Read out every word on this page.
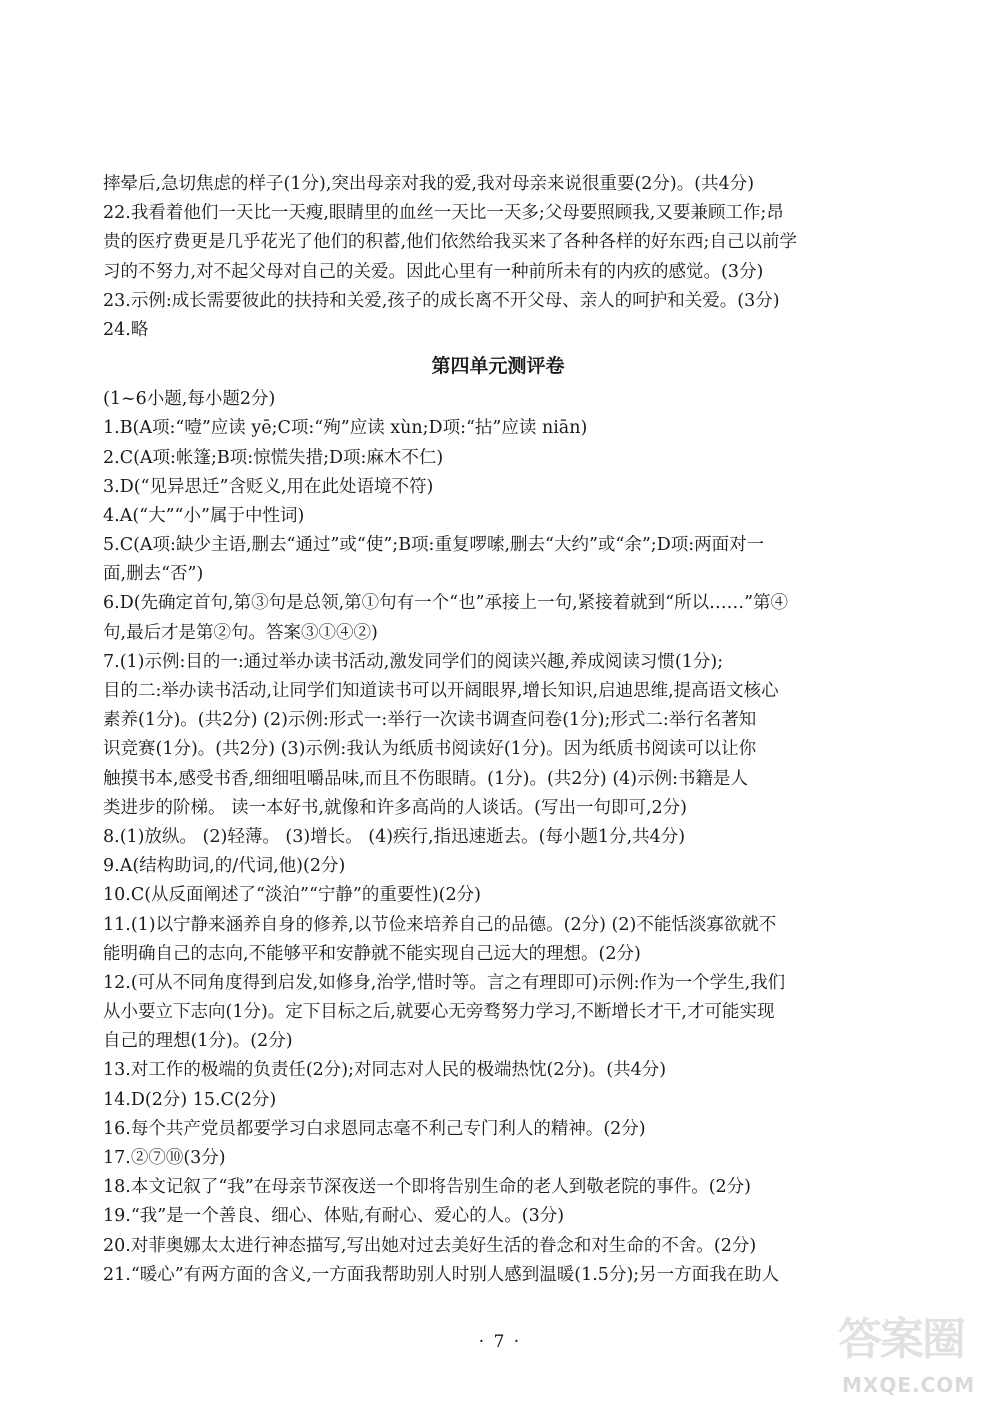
摔晕后,急切焦虑的样子(1分),突出母亲对我的爱,我对母亲来说很重要(2分)。(共4分)
22.我看着他们一天比一天瘦,眼睛里的血丝一天比一天多;父母要照顾我,又要兼顾工作;昂
贵的医疗费更是几乎花光了他们的积蓄,他们依然给我买来了各种各样的好东西;自己以前学
习的不努力,对不起父母对自己的关爱。因此心里有一种前所未有的内疚的感觉。(3分)
23.示例:成长需要彼此的扶持和关爱,孩子的成长离不开父母、亲人的呵护和关爱。(3分)
24.略
第四单元测评卷
(1~6小题,每小题2分)
1.B(A项:“噎”应读 yē;C项:“殉”应读 xùn;D项:“拈”应读 niān)
2.C(A项:帐篷;B项:惊慌失措;D项:麻木不仁)
3.D(“见异思迁”含贬义,用在此处语境不符)
4.A(“大”“小”属于中性词)
5.C(A项:缺少主语,删去“通过”或“使”;B项:重复啰嗦,删去“大约”或“余”;D项:两面对一
面,删去“否”)
6.D(先确定首句,第③句是总领,第①句有一个“也”承接上一句,紧接着就到“所以……”第④
句,最后才是第②句。答案③①④②)
7.(1)示例:目的一:通过举办读书活动,激发同学们的阅读兴趣,养成阅读习惯(1分);
目的二:举办读书活动,让同学们知道读书可以开阔眼界,增长知识,启迪思维,提高语文核心
素养(1分)。(共2分) (2)示例:形式一:举行一次读书调查问卷(1分);形式二:举行名著知
识竞赛(1分)。(共2分) (3)示例:我认为纸质书阅读好(1分)。因为纸质书阅读可以让你
触摸书本,感受书香,细细咀嚼品味,而且不伤眼睛。(1分)。(共2分) (4)示例:书籍是人
类进步的阶梯。 读一本好书,就像和许多高尚的人谈话。(写出一句即可,2分)
8.(1)放纵。 (2)轻薄。 (3)增长。 (4)疾行,指迅速逝去。(每小题1分,共4分)
9.A(结构助词,的/代词,他)(2分)
10.C(从反面阐述了“淡泊”“宁静”的重要性)(2分)
11.(1)以宁静来涵养自身的修养,以节俭来培养自己的品德。(2分) (2)不能恬淡寡欲就不
能明确自己的志向,不能够平和安静就不能实现自己远大的理想。(2分)
12.(可从不同角度得到启发,如修身,治学,惜时等。言之有理即可)示例:作为一个学生,我们
从小要立下志向(1分)。定下目标之后,就要心无旁骛努力学习,不断增长才干,才可能实现
自己的理想(1分)。(2分)
13.对工作的极端的负责任(2分);对同志对人民的极端热忱(2分)。(共4分)
14.D(2分) 15.C(2分)
16.每个共产党员都要学习白求恩同志毫不利己专门利人的精神。(2分)
17.②⑦⑩(3分)
18.本文记叙了“我”在母亲节深夜送一个即将告别生命的老人到敬老院的事件。(2分)
19.“我”是一个善良、细心、体贴,有耐心、爱心的人。(3分)
20.对菲奥娜太太进行神态描写,写出她对过去美好生活的眷念和对生命的不舍。(2分)
21.“暖心”有两方面的含义,一方面我帮助别人时别人感到温暖(1.5分);另一方面我在助人
· 7 ·	答案圈
MXQE.COM
